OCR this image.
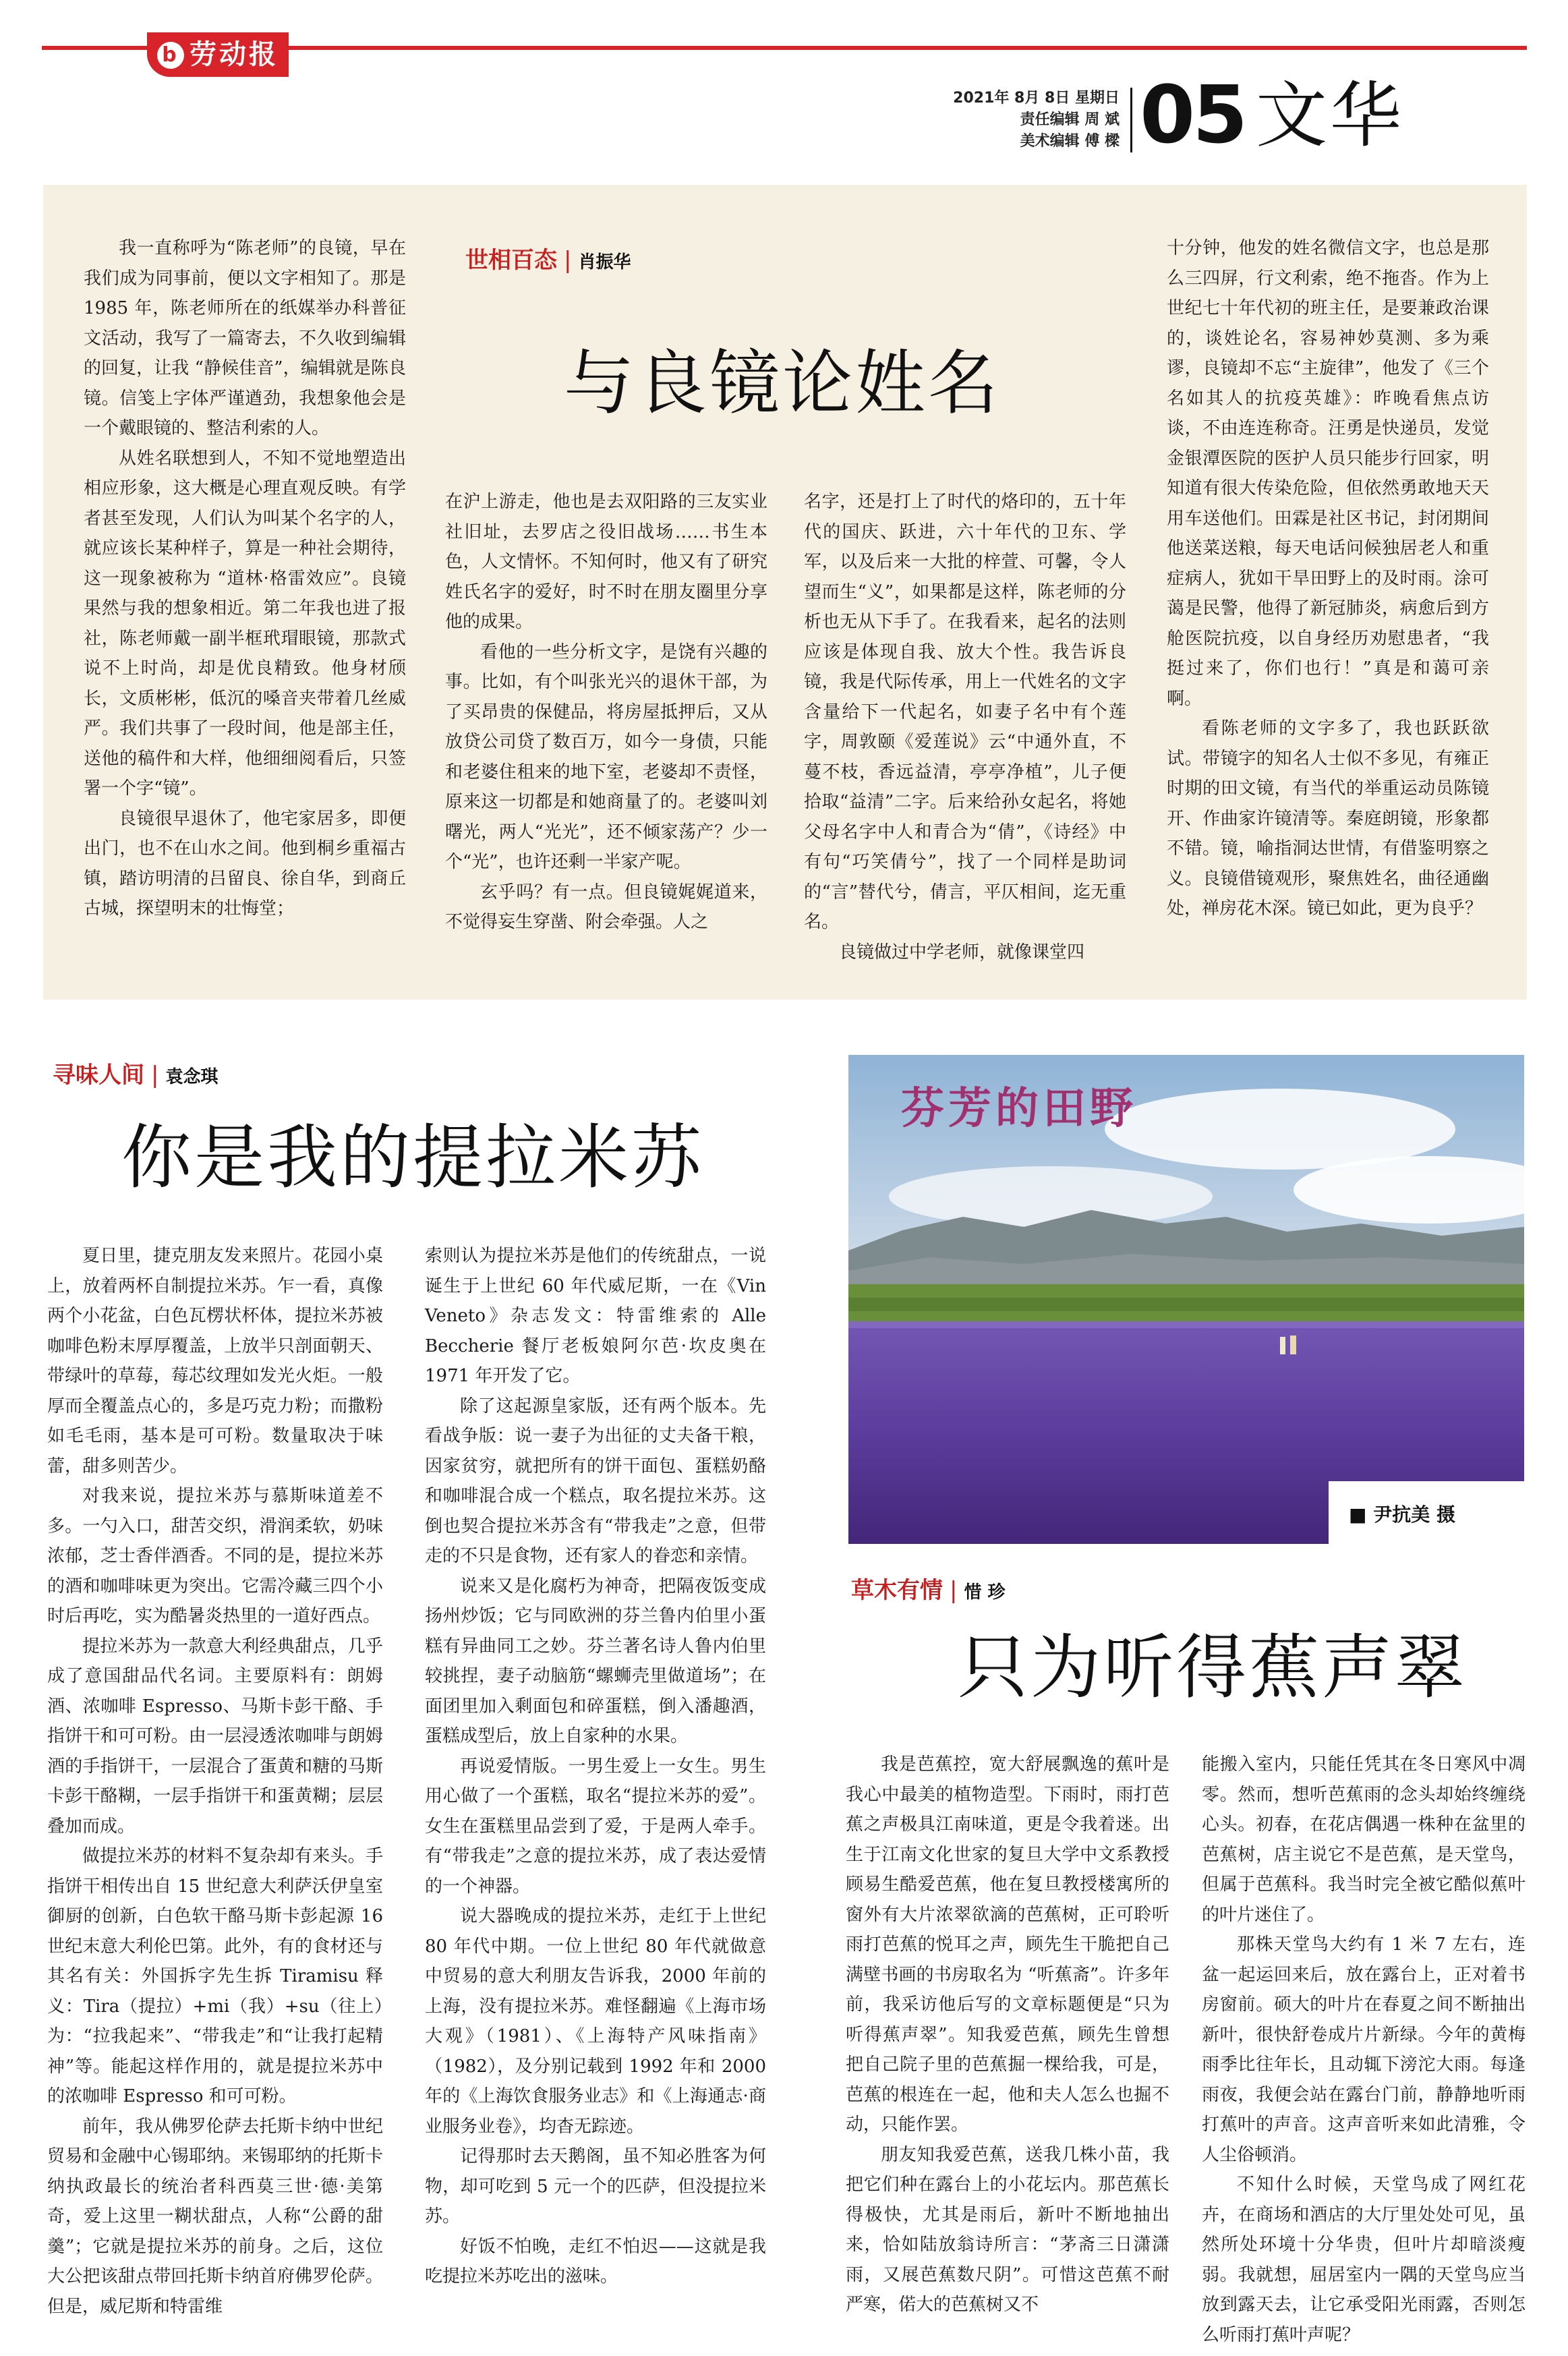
b 劳动报
2021年 8月 8日 星期日
责任编辑 周 斌
美术编辑 傅 樑 05 文华
世相百态 | 肖振华
与良镜论姓名

我一直称呼为“陈老师”的良镜，早在我们成为同事前，便以文字相知了。那是 1985 年，陈老师所在的纸媒举办科普征文活动，我写了一篇寄去，不久收到编辑的回复，让我 “静候佳音”，编辑就是陈良镜。信笺上字体严谨遒劲，我想象他会是一个戴眼镜的、整洁利索的人。

从姓名联想到人，不知不觉地塑造出相应形象，这大概是心理直观反映。有学者甚至发现，人们认为叫某个名字的人，就应该长某种样子，算是一种社会期待，这一现象被称为 “道林·格雷效应”。良镜果然与我的想象相近。第二年我也进了报社，陈老师戴一副半框玳瑁眼镜，那款式说不上时尚，却是优良精致。他身材颀长，文质彬彬，低沉的嗓音夹带着几丝威严。我们共事了一段时间，他是部主任，送他的稿件和大样，他细细阅看后，只签署一个字“镜”。

良镜很早退休了，他宅家居多，即便出门，也不在山水之间。他到桐乡重福古镇，踏访明清的吕留良、徐自华，到商丘古城，探望明末的壮悔堂；

在沪上游走，他也是去双阳路的三友实业社旧址，去罗店之役旧战场……书生本色，人文情怀。不知何时，他又有了研究姓氏名字的爱好，时不时在朋友圈里分享他的成果。

看他的一些分析文字，是饶有兴趣的事。比如，有个叫张光兴的退休干部，为了买昂贵的保健品，将房屋抵押后，又从放贷公司贷了数百万，如今一身债，只能和老婆住租来的地下室，老婆却不责怪，原来这一切都是和她商量了的。老婆叫刘曙光，两人“光光”，还不倾家荡产？少一个“光”，也许还剩一半家产呢。

玄乎吗？有一点。但良镜娓娓道来，不觉得妄生穿凿、附会牵强。人之

名字，还是打上了时代的烙印的，五十年代的国庆、跃进，六十年代的卫东、学军，以及后来一大批的梓萱、可馨，令人望而生“义”，如果都是这样，陈老师的分析也无从下手了。在我看来，起名的法则应该是体现自我、放大个性。我告诉良镜，我是代际传承，用上一代姓名的文字含量给下一代起名，如妻子名中有个莲字，周敦颐《爱莲说》云“中通外直，不蔓不枝，香远益清，亭亭净植”，儿子便拾取“益清”二字。后来给孙女起名，将她父母名字中人和青合为“倩”，《诗经》中有句“巧笑倩兮”，找了一个同样是助词的“言”替代兮，倩言，平仄相间，迄无重名。

良镜做过中学老师，就像课堂四

十分钟，他发的姓名微信文字，也总是那么三四屏，行文利索，绝不拖沓。作为上世纪七十年代初的班主任，是要兼政治课的，谈姓论名，容易神妙莫测、多为乘谬，良镜却不忘“主旋律”，他发了《三个名如其人的抗疫英雄》：昨晚看焦点访谈，不由连连称奇。汪勇是快递员，发觉金银潭医院的医护人员只能步行回家，明知道有很大传染危险，但依然勇敢地天天用车送他们。田霖是社区书记，封闭期间他送菜送粮，每天电话问候独居老人和重症病人，犹如干旱田野上的及时雨。涂可蔼是民警，他得了新冠肺炎，病愈后到方舱医院抗疫，以自身经历劝慰患者，“我挺过来了，你们也行！”真是和蔼可亲啊。

看陈老师的文字多了，我也跃跃欲试。带镜字的知名人士似不多见，有雍正时期的田文镜，有当代的举重运动员陈镜开、作曲家许镜清等。秦庭朗镜，形象都不错。镜，喻指洞达世情，有借鉴明察之义。良镜借镜观形，聚焦姓名，曲径通幽处，禅房花木深。镜已如此，更为良乎？

寻味人间 | 袁念琪
你是我的提拉米苏

夏日里，捷克朋友发来照片。花园小桌上，放着两杯自制提拉米苏。乍一看，真像两个小花盆，白色瓦楞状杯体，提拉米苏被咖啡色粉末厚厚覆盖，上放半只剖面朝天、带绿叶的草莓，莓芯纹理如发光火炬。一般厚而全覆盖点心的，多是巧克力粉；而撒粉如毛毛雨，基本是可可粉。数量取决于味蕾，甜多则苦少。

对我来说，提拉米苏与慕斯味道差不多。一勺入口，甜苦交织，滑润柔软，奶味浓郁，芝士香伴酒香。不同的是，提拉米苏的酒和咖啡味更为突出。它需冷藏三四个小时后再吃，实为酷暑炎热里的一道好西点。

提拉米苏为一款意大利经典甜点，几乎成了意国甜品代名词。主要原料有：朗姆酒、浓咖啡 Espresso、马斯卡彭干酪、手指饼干和可可粉。由一层浸透浓咖啡与朗姆酒的手指饼干，一层混合了蛋黄和糖的马斯卡彭干酪糊，一层手指饼干和蛋黄糊；层层叠加而成。

做提拉米苏的材料不复杂却有来头。手指饼干相传出自 15 世纪意大利萨沃伊皇室御厨的创新，白色软干酪马斯卡彭起源 16 世纪末意大利伦巴第。此外，有的食材还与其名有关：外国拆字先生拆 Tiramisu 释义：Tira（提拉）+mi（我）+su（往上）为：“拉我起来”、“带我走”和“让我打起精神”等。能起这样作用的，就是提拉米苏中的浓咖啡 Espresso 和可可粉。

前年，我从佛罗伦萨去托斯卡纳中世纪贸易和金融中心锡耶纳。来锡耶纳的托斯卡纳执政最长的统治者科西莫三世·德·美第奇，爱上这里一糊状甜点，人称“公爵的甜羹”；它就是提拉米苏的前身。之后，这位大公把该甜点带回托斯卡纳首府佛罗伦萨。但是，威尼斯和特雷维

索则认为提拉米苏是他们的传统甜点，一说诞生于上世纪 60 年代威尼斯，一在《Vin Veneto》杂志发文：特雷维索的 Alle Beccherie 餐厅老板娘阿尔芭·坎皮奥在 1971 年开发了它。

除了这起源皇家版，还有两个版本。先看战争版：说一妻子为出征的丈夫备干粮，因家贫穷，就把所有的饼干面包、蛋糕奶酪和咖啡混合成一个糕点，取名提拉米苏。这倒也契合提拉米苏含有“带我走”之意，但带走的不只是食物，还有家人的眷恋和亲情。

说来又是化腐朽为神奇，把隔夜饭变成扬州炒饭；它与同欧洲的芬兰鲁内伯里小蛋糕有异曲同工之妙。芬兰著名诗人鲁内伯里较挑捏，妻子动脑筋“螺蛳壳里做道场”；在面团里加入剩面包和碎蛋糕，倒入潘趣酒，蛋糕成型后，放上自家种的水果。

再说爱情版。一男生爱上一女生。男生用心做了一个蛋糕，取名“提拉米苏的爱”。女生在蛋糕里品尝到了爱，于是两人牵手。有“带我走”之意的提拉米苏，成了表达爱情的一个神器。

说大器晚成的提拉米苏，走红于上世纪 80 年代中期。一位上世纪 80 年代就做意中贸易的意大利朋友告诉我，2000 年前的上海，没有提拉米苏。难怪翻遍《上海市场大观》（1981）、《上海特产风味指南》（1982），及分别记载到 1992 年和 2000 年的《上海饮食服务业志》和《上海通志·商业服务业卷》，均杳无踪迹。

记得那时去天鹅阁，虽不知必胜客为何物，却可吃到 5 元一个的匹萨，但没提拉米苏。

好饭不怕晚，走红不怕迟——这就是我吃提拉米苏吃出的滋味。

芬芳的田野
■ 尹抗美 摄
草木有情 | 惜 珍
只为听得蕉声翠

我是芭蕉控，宽大舒展飘逸的蕉叶是我心中最美的植物造型。下雨时，雨打芭蕉之声极具江南味道，更是令我着迷。出生于江南文化世家的复旦大学中文系教授顾易生酷爱芭蕉，他在复旦教授楼寓所的窗外有大片浓翠欲滴的芭蕉树，正可聆听雨打芭蕉的悦耳之声，顾先生干脆把自己满壁书画的书房取名为 “听蕉斋”。许多年前，我采访他后写的文章标题便是“只为听得蕉声翠”。知我爱芭蕉，顾先生曾想把自己院子里的芭蕉掘一棵给我，可是，芭蕉的根连在一起，他和夫人怎么也掘不动，只能作罢。

朋友知我爱芭蕉，送我几株小苗，我把它们种在露台上的小花坛内。那芭蕉长得极快，尤其是雨后，新叶不断地抽出来，恰如陆放翁诗所言：“茅斋三日潇潇雨，又展芭蕉数尺阴”。可惜这芭蕉不耐严寒，偌大的芭蕉树又不

能搬入室内，只能任凭其在冬日寒风中凋零。然而，想听芭蕉雨的念头却始终缠绕心头。初春，在花店偶遇一株种在盆里的芭蕉树，店主说它不是芭蕉，是天堂鸟，但属于芭蕉科。我当时完全被它酷似蕉叶的叶片迷住了。

那株天堂鸟大约有 1 米 7 左右，连盆一起运回来后，放在露台上，正对着书房窗前。硕大的叶片在春夏之间不断抽出新叶，很快舒卷成片片新绿。今年的黄梅雨季比往年长，且动辄下滂沱大雨。每逢雨夜，我便会站在露台门前，静静地听雨打蕉叶的声音。这声音听来如此清雅，令人尘俗顿消。

不知什么时候，天堂鸟成了网红花卉，在商场和酒店的大厅里处处可见，虽然所处环境十分华贵，但叶片却暗淡瘦弱。我就想，屈居室内一隅的天堂鸟应当放到露天去，让它承受阳光雨露，否则怎么听雨打蕉叶声呢？
